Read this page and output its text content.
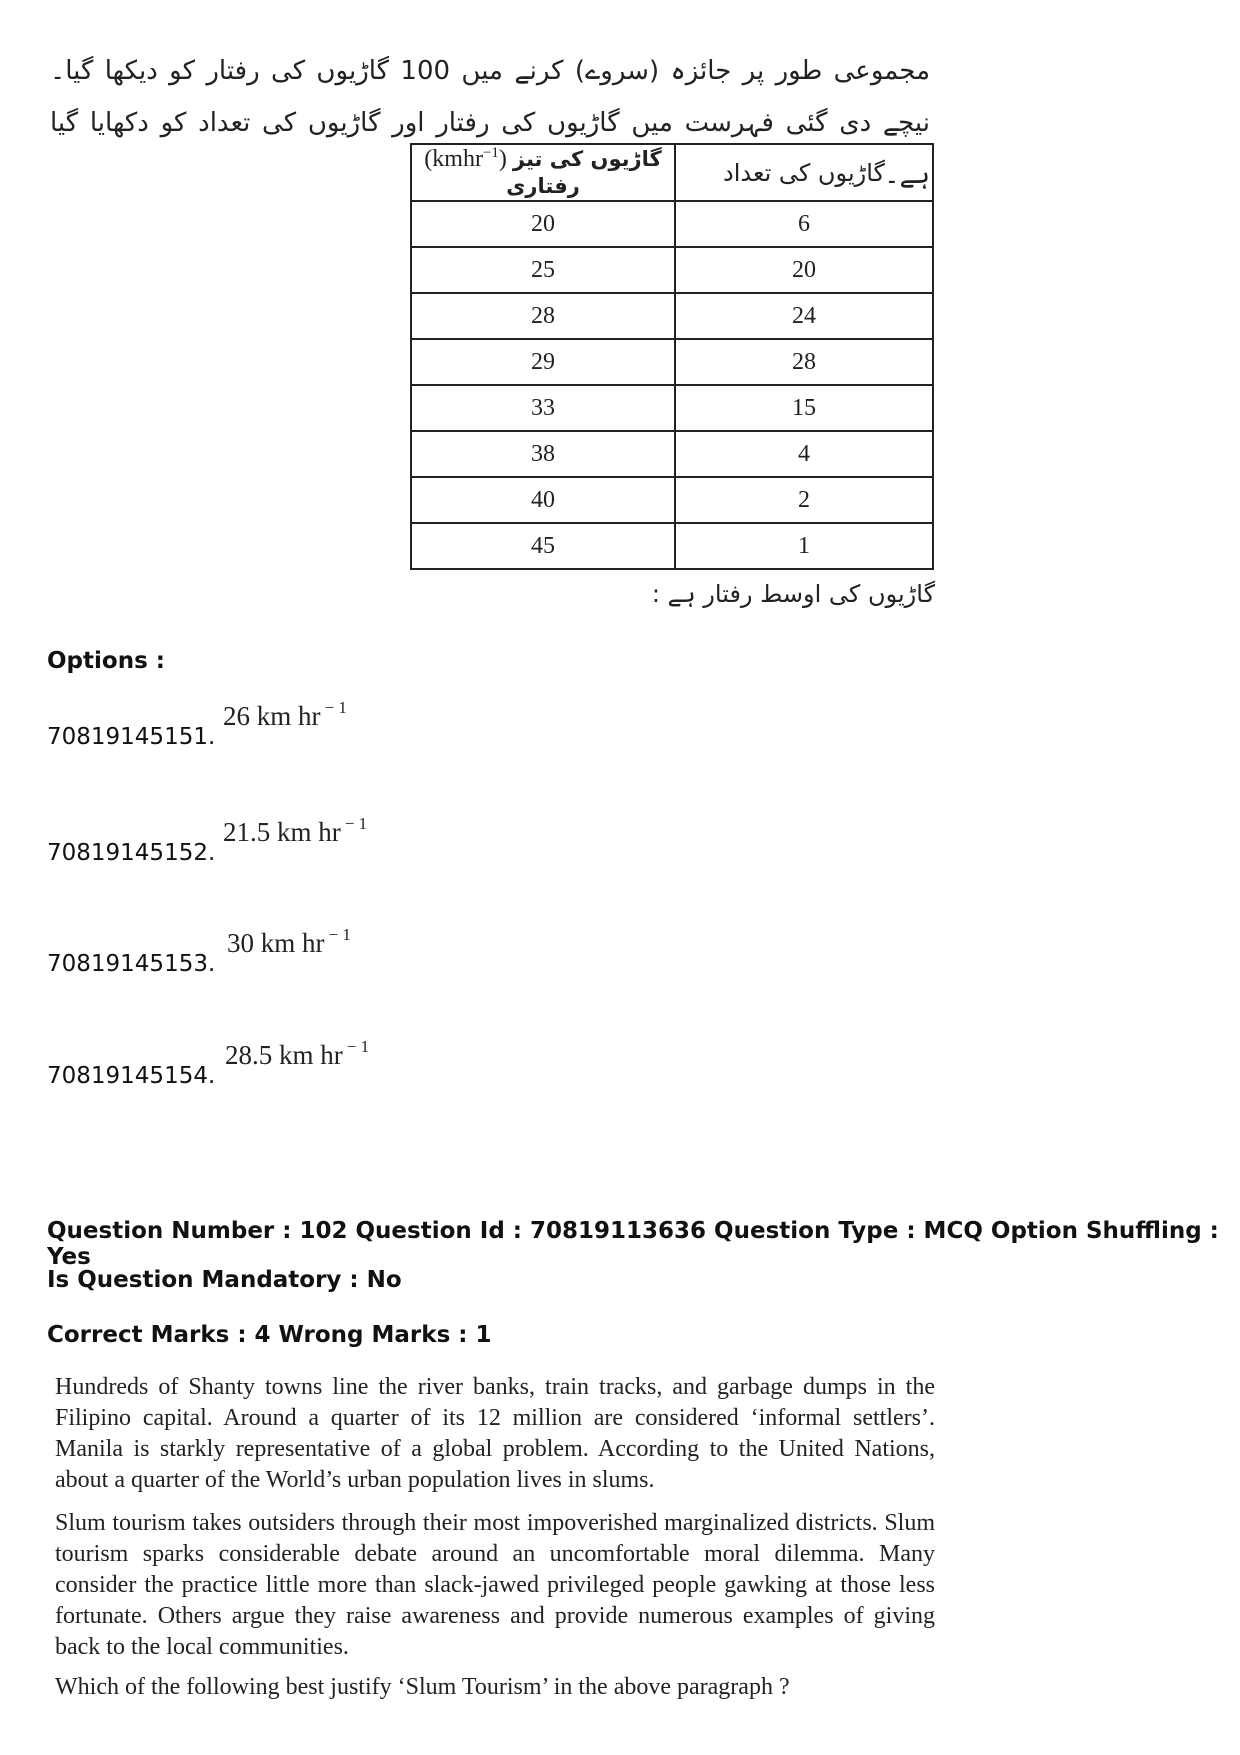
مجموعی طور پر جائزہ (سروے) کرنے میں 100 گاڑیوں کی رفتار کو دیکھا گیا۔ نیچے دی گئی فہرست میں گاڑیوں کی رفتار اور گاڑیوں کی تعداد کو دکھایا گیا ہے۔

(kmhr$^{-1}$) گاڑیوں کی تیز رفتاری	گاڑیوں کی تعداد
20	6
25	20
28	24
29	28
33	15
38	4
40	2
45	1
گاڑیوں کی اوسط رفتار ہے :
Options :
70819145151.
26 km hr $^{- 1}$
70819145152.
21.5 km hr $^{- 1}$
70819145153.
30 km hr $^{- 1}$
70819145154.
28.5 km hr $^{- 1}$
Question Number : 102 Question Id : 70819113636 Question Type : MCQ Option Shuffling : Yes
Is Question Mandatory : No
Correct Marks : 4 Wrong Marks : 1

Hundreds of Shanty towns line the river banks, train tracks, and garbage dumps in the Filipino capital. Around a quarter of its 12 million are considered ‘informal settlers’. Manila is starkly representative of a global problem. According to the United Nations, about a quarter of the World’s urban population lives in slums.

Slum tourism takes outsiders through their most impoverished marginalized districts. Slum tourism sparks considerable debate around an uncomfortable moral dilemma. Many consider the practice little more than slack-jawed privileged people gawking at those less fortunate. Others argue they raise awareness and provide numerous examples of giving back to the local communities.

Which of the following best justify ‘Slum Tourism’ in the above paragraph ?
